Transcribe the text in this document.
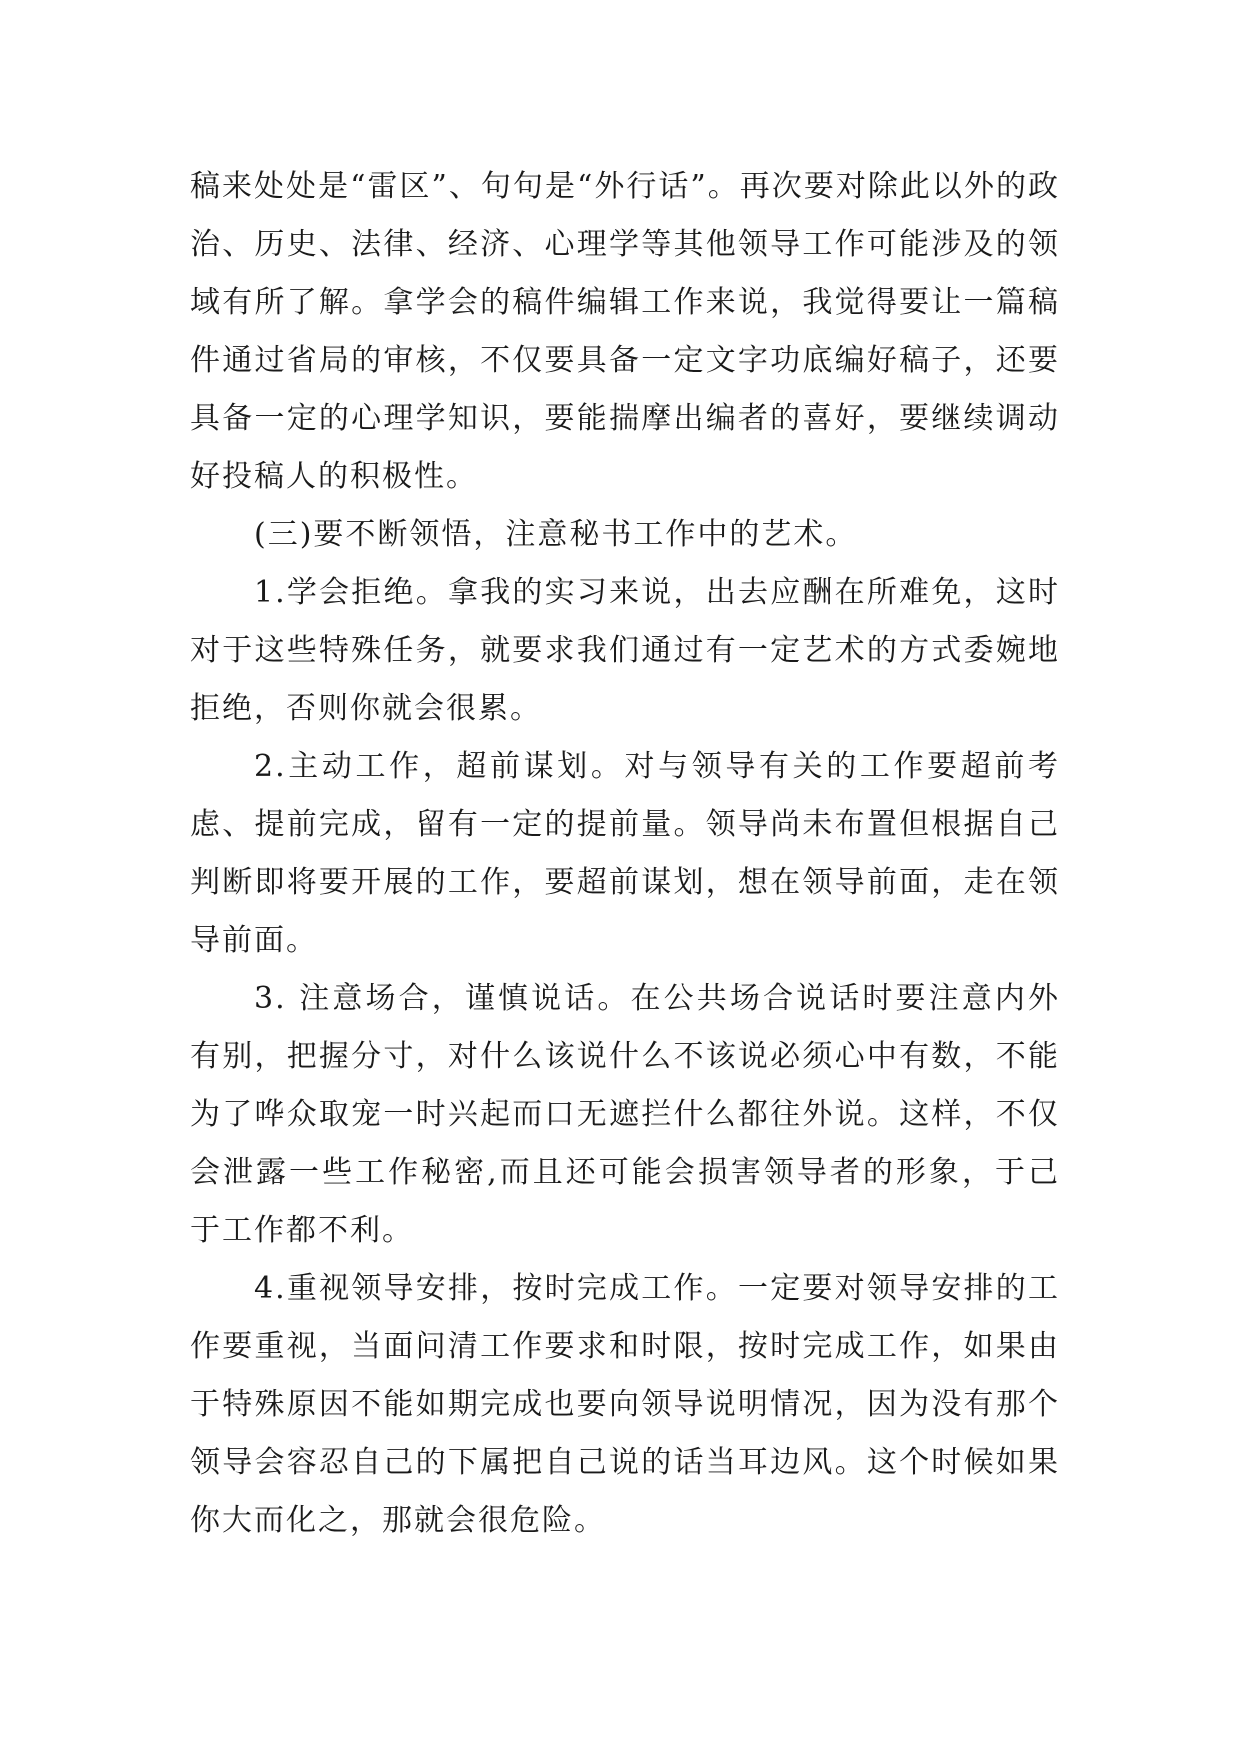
稿来处处是“雷区”、句句是“外行话”。再次要对除此以外的政治、历史、法律、经济、心理学等其他领导工作可能涉及的领域有所了解。拿学会的稿件编辑工作来说，我觉得要让一篇稿件通过省局的审核，不仅要具备一定文字功底编好稿子，还要具备一定的心理学知识，要能揣摩出编者的喜好，要继续调动好投稿人的积极性。

(三)要不断领悟，注意秘书工作中的艺术。

1.学会拒绝。拿我的实习来说，出去应酬在所难免，这时对于这些特殊任务，就要求我们通过有一定艺术的方式委婉地拒绝，否则你就会很累。

2.主动工作，超前谋划。对与领导有关的工作要超前考虑、提前完成，留有一定的提前量。领导尚未布置但根据自己判断即将要开展的工作，要超前谋划，想在领导前面，走在领导前面。

3. 注意场合，谨慎说话。在公共场合说话时要注意内外有别，把握分寸，对什么该说什么不该说必须心中有数，不能为了哗众取宠一时兴起而口无遮拦什么都往外说。这样，不仅会泄露一些工作秘密,而且还可能会损害领导者的形象，于己于工作都不利。

4.重视领导安排，按时完成工作。一定要对领导安排的工作要重视，当面问清工作要求和时限，按时完成工作，如果由于特殊原因不能如期完成也要向领导说明情况，因为没有那个领导会容忍自己的下属把自己说的话当耳边风。这个时候如果你大而化之，那就会很危险。
